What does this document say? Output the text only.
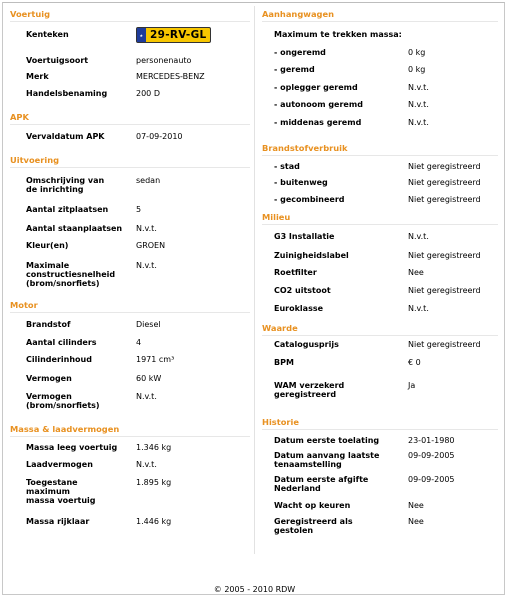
Voertuig
Kenteken	★ 29-RV-GL
Voertuigsoort	personenauto
Merk	MERCEDES-BENZ
Handelsbenaming	200 D
APK
Vervaldatum APK	07-09-2010
Uitvoering
Omschrijving van
de inrichting
sedan
Aantal zitplaatsen	5
Aantal staanplaatsen	N.v.t.
Kleur(en)	GROEN
Maximale
constructiesnelheid
(brom/snorfiets)
N.v.t.
Motor
Brandstof	Diesel
Aantal cilinders	4
Cilinderinhoud	1971 cm³
Vermogen	60 kW
Vermogen
(brom/snorfiets)
N.v.t.
Massa & laadvermogen
Massa leeg voertuig	1.346 kg
Laadvermogen	N.v.t.
Toegestane
maximum
massa voertuig
1.895 kg
Massa rijklaar	1.446 kg
Aanhangwagen
Maximum te trekken massa:
- ongeremd	0 kg
- geremd	0 kg
- oplegger geremd	N.v.t.
- autonoom geremd	N.v.t.
- middenas geremd	N.v.t.
Brandstofverbruik
- stad	Niet geregistreerd
- buitenweg	Niet geregistreerd
- gecombineerd	Niet geregistreerd
Milieu
G3 Installatie	N.v.t.
Zuinigheidslabel	Niet geregistreerd
Roetfilter	Nee
CO2 uitstoot	Niet geregistreerd
Euroklasse	N.v.t.
Waarde
Catalogusprijs	Niet geregistreerd
BPM	€ 0
WAM verzekerd
geregistreerd
Ja
Historie
Datum eerste toelating	23-01-1980
Datum aanvang laatste
tenaamstelling
09-09-2005
Datum eerste afgifte
Nederland
09-09-2005
Wacht op keuren	Nee
Geregistreerd als
gestolen
Nee
© 2005 - 2010 RDW
